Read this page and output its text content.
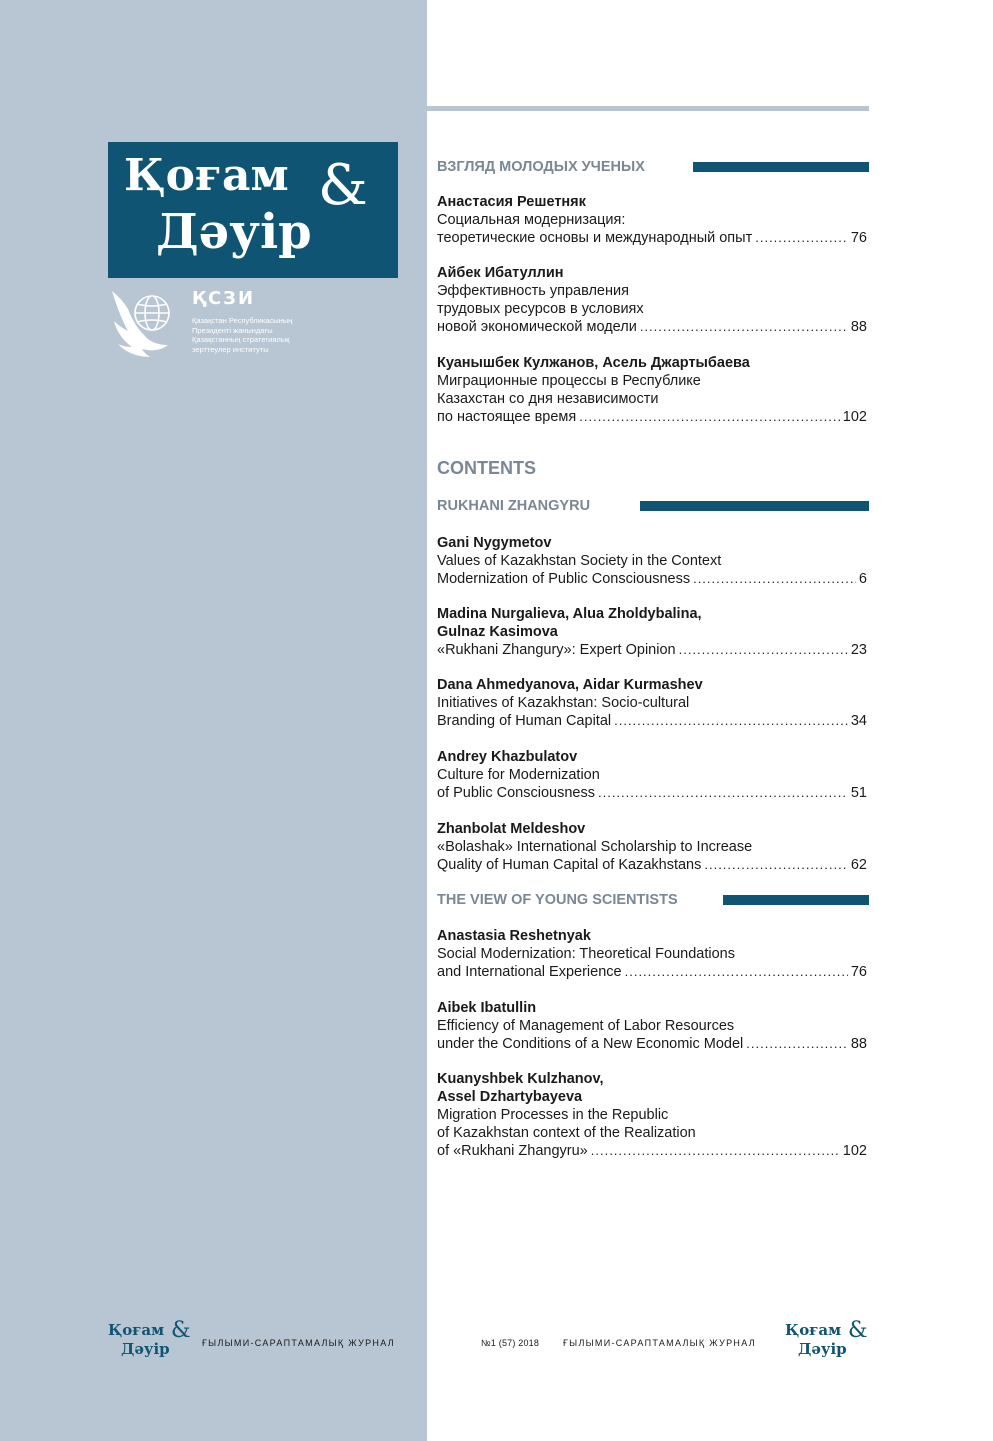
Қоғам
Дәуір
&
ҚСЗИ
Қазақстан Республикасының
Президенті жанындағы
Қазақстанның стратегиялық
зерттеулер институты
ВЗГЛЯД МОЛОДЫХ УЧЕНЫХ
Анастасия Решетняк
Социальная модернизация:
теоретические основы и международный опыт .....	76
Айбек Ибатуллин
Эффективность управления
трудовых ресурсов в условиях
новой экономической модели .....	88
Куанышбек Кулжанов, Асель Джартыбаева
Миграционные процессы в Республике
Казахстан со дня независимости
по настоящее время .....	102
CONTENTS
RUKHANI ZHANGYRU
Gani Nygymetov
Values of Kazakhstan Society in the Context
Modernization of Public Consciousness .....	6
Madina Nurgalieva, Alua Zholdybalina,
Gulnaz Kasimova
«Rukhani Zhangury»: Expert Opinion .....	23
Dana Ahmedyanova, Aidar Kurmashev
Initiatives of Kazakhstan: Socio-cultural
Branding of Human Capital .....	34
Andrey Khazbulatov
Culture for Modernization
of Public Consciousness .....	51
Zhanbolat Meldeshov
«Bolashak» International Scholarship to Increase
Quality of Human Capital of Kazakhstans .....	62
THE VIEW OF YOUNG SCIENTISTS
Anastasia Reshetnyak
Social Modernization: Theoretical Foundations
and International Experience .....	76
Aibek Ibatullin
Efficiency of Management of Labor Resources
under the Conditions of a New Economic Model .....	88
Kuanyshbek Kulzhanov,
Assel Dzhartybayeva
Migration Processes in the Republic
of Kazakhstan context of the Realization
of «Rukhani Zhangyru» .....	102
Қоғам
Дәуір
& ҒЫЛЫМИ-САРАПТАМАЛЫҚ ЖУРНАЛ	№1 (57) 2018	ҒЫЛЫМИ-САРАПТАМАЛЫҚ ЖУРНАЛ
Қоғам
Дәуір
&
